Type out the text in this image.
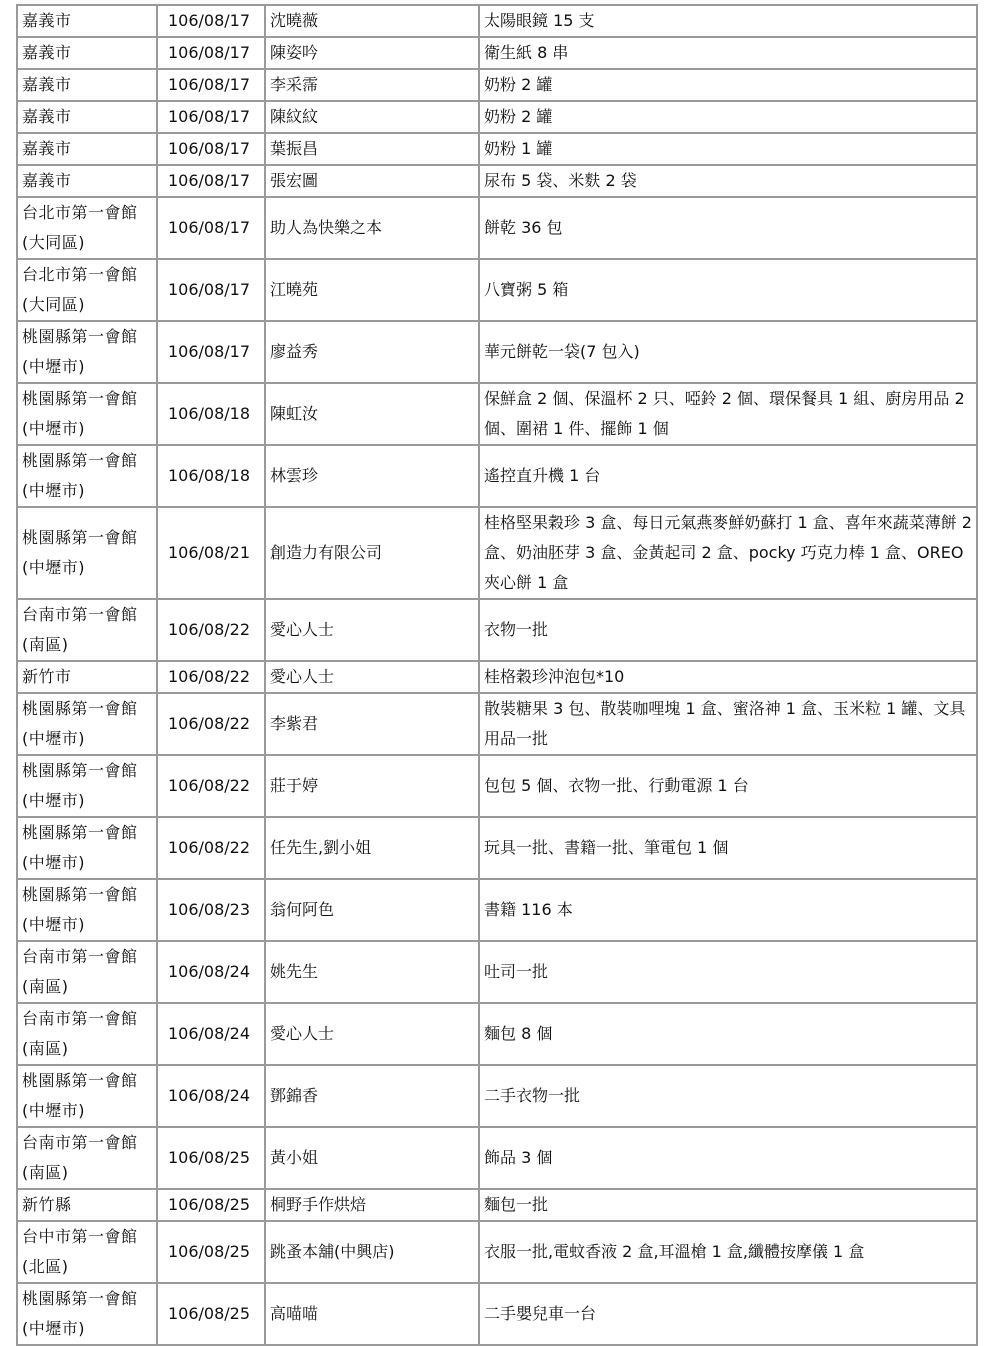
嘉義市	106/08/17	沈曉薇	太陽眼鏡 15 支
嘉義市	106/08/17	陳姿吟	衛生紙 8 串
嘉義市	106/08/17	李采霈	奶粉 2 罐
嘉義市	106/08/17	陳紋紋	奶粉 2 罐
嘉義市	106/08/17	葉振昌	奶粉 1 罐
嘉義市	106/08/17	張宏圖	尿布 5 袋、米麩 2 袋
台北市第一會館(大同區)	106/08/17	助人為快樂之本	餅乾 36 包
台北市第一會館(大同區)	106/08/17	江曉苑	八寶粥 5 箱
桃園縣第一會館(中壢市)	106/08/17	廖益秀	華元餅乾一袋(7 包入)
桃園縣第一會館(中壢市)	106/08/18	陳虹汝	保鮮盒 2 個、保溫杯 2 只、啞鈴 2 個、環保餐具 1 組、廚房用品 2 個、圍裙 1 件、擺飾 1 個
桃園縣第一會館(中壢市)	106/08/18	林雲珍	遙控直升機 1 台
桃園縣第一會館(中壢市)	106/08/21	創造力有限公司	桂格堅果穀珍 3 盒、每日元氣燕麥鮮奶蘇打 1 盒、喜年來蔬菜薄餅 2 盒、奶油胚芽 3 盒、金黃起司 2 盒、pocky 巧克力棒 1 盒、OREO 夾心餅 1 盒
台南市第一會館(南區)	106/08/22	愛心人士	衣物一批
新竹市	106/08/22	愛心人士	桂格穀珍沖泡包*10
桃園縣第一會館(中壢市)	106/08/22	李紫君	散裝糖果 3 包、散裝咖哩塊 1 盒、蜜洛神 1 盒、玉米粒 1 罐、文具用品一批
桃園縣第一會館(中壢市)	106/08/22	莊于婷	包包 5 個、衣物一批、行動電源 1 台
桃園縣第一會館(中壢市)	106/08/22	任先生,劉小姐	玩具一批、書籍一批、筆電包 1 個
桃園縣第一會館(中壢市)	106/08/23	翁何阿色	書籍 116 本
台南市第一會館(南區)	106/08/24	姚先生	吐司一批
台南市第一會館(南區)	106/08/24	愛心人士	麵包 8 個
桃園縣第一會館(中壢市)	106/08/24	鄧錦香	二手衣物一批
台南市第一會館(南區)	106/08/25	黃小姐	飾品 3 個
新竹縣	106/08/25	桐野手作烘焙	麵包一批
台中市第一會館(北區)	106/08/25	跳蚤本舖(中興店)	衣服一批,電蚊香液 2 盒,耳溫槍 1 盒,纖體按摩儀 1 盒
桃園縣第一會館(中壢市)	106/08/25	高喵喵	二手嬰兒車一台
